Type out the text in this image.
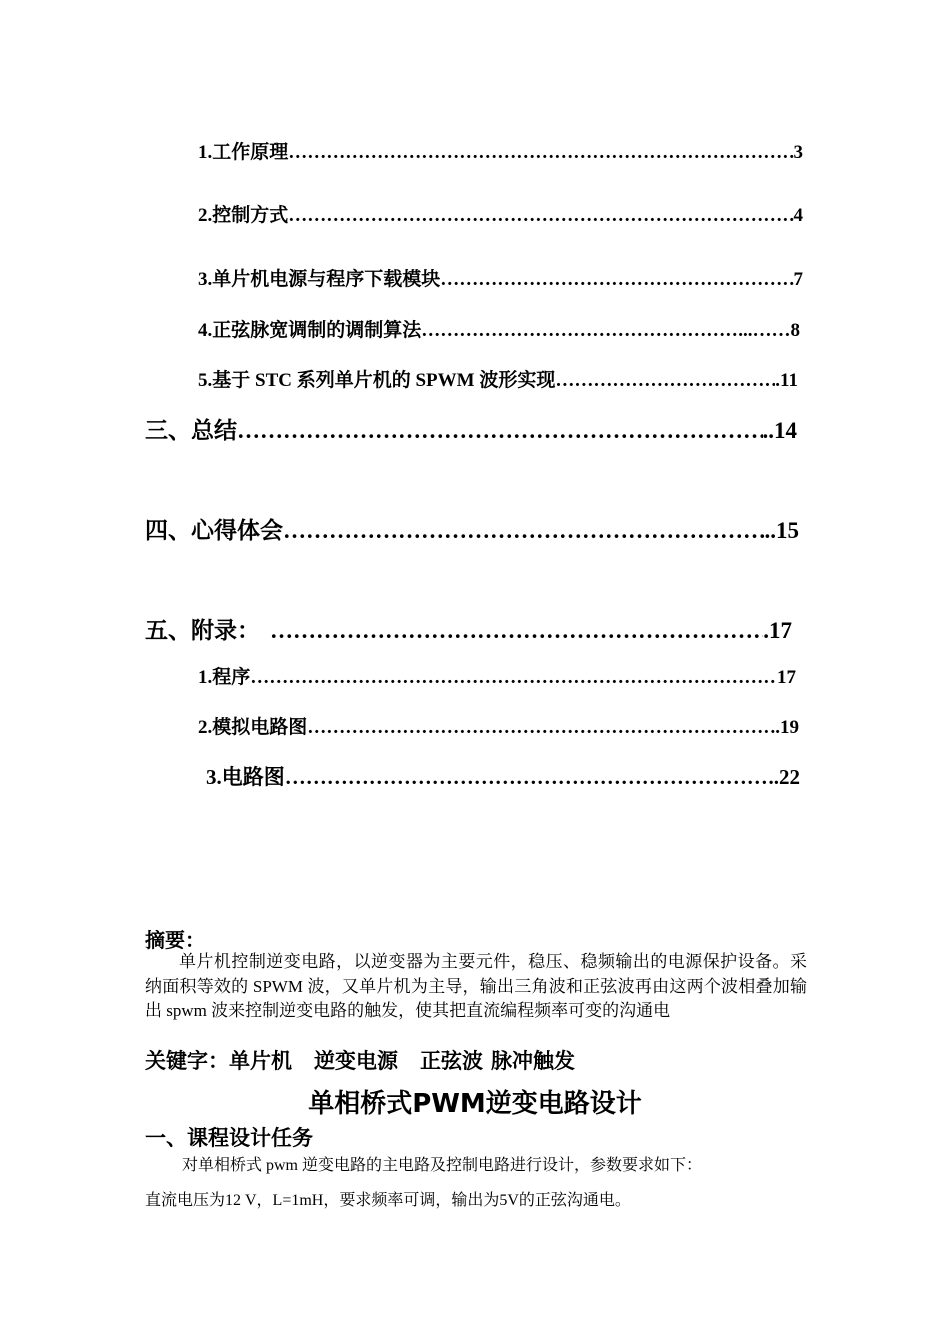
1.工作原理 …………………………………………………………………………………………………………………………………………………………………………………………………………	3
2.控制方式 …………………………………………………………………………………………………………………………………………………………………………………………………………	4
3.单片机电源与程序下载模块 …………………………………………………………………………………………………………………………………………………………………………………………………………	7
4.正弦脉宽调制的调制算法 …………………………………………………………………………………………………………………………………………………………………………………………………………	...……8
5.基于 STC 系列单片机的 SPWM 波形实现 …………………………………………………………………………………………………………………………………………………………………………………………………………	.11
三、总结 …………………………………………………………………………………………………………………………………………………………………………………………………………	..14
四、心得体会 …………………………………………………………………………………………………………………………………………………………………………………………………………	..15
五、附录： …………………………………………………………………………………………………………………………………………………………………………………………………………	.17
1.程序 …………………………………………………………………………………………………………………………………………………………………………………………………………	17
2.模拟电路图 …………………………………………………………………………………………………………………………………………………………………………………………………………	..19
3.电路图 …………………………………………………………………………………………………………………………………………………………………………………………………………	..22
摘要：
单片机控制逆变电路，以逆变器为主要元件，稳压、稳频输出的电源保护设备。采纳面积等效的 SPWM 波，又单片机为主导，输出三角波和正弦波再由这两个波相叠加输出 spwm 波来控制逆变电路的触发，使其把直流编程频率可变的沟通电
关键字：单片机 逆变电源 正弦波 脉冲触发
单相桥式PWM逆变电路设计
一、课程设计任务
对单相桥式 pwm 逆变电路的主电路及控制电路进行设计，参数要求如下：
直流电压为12 V，L=1mH，要求频率可调，输出为5V的正弦沟通电。
